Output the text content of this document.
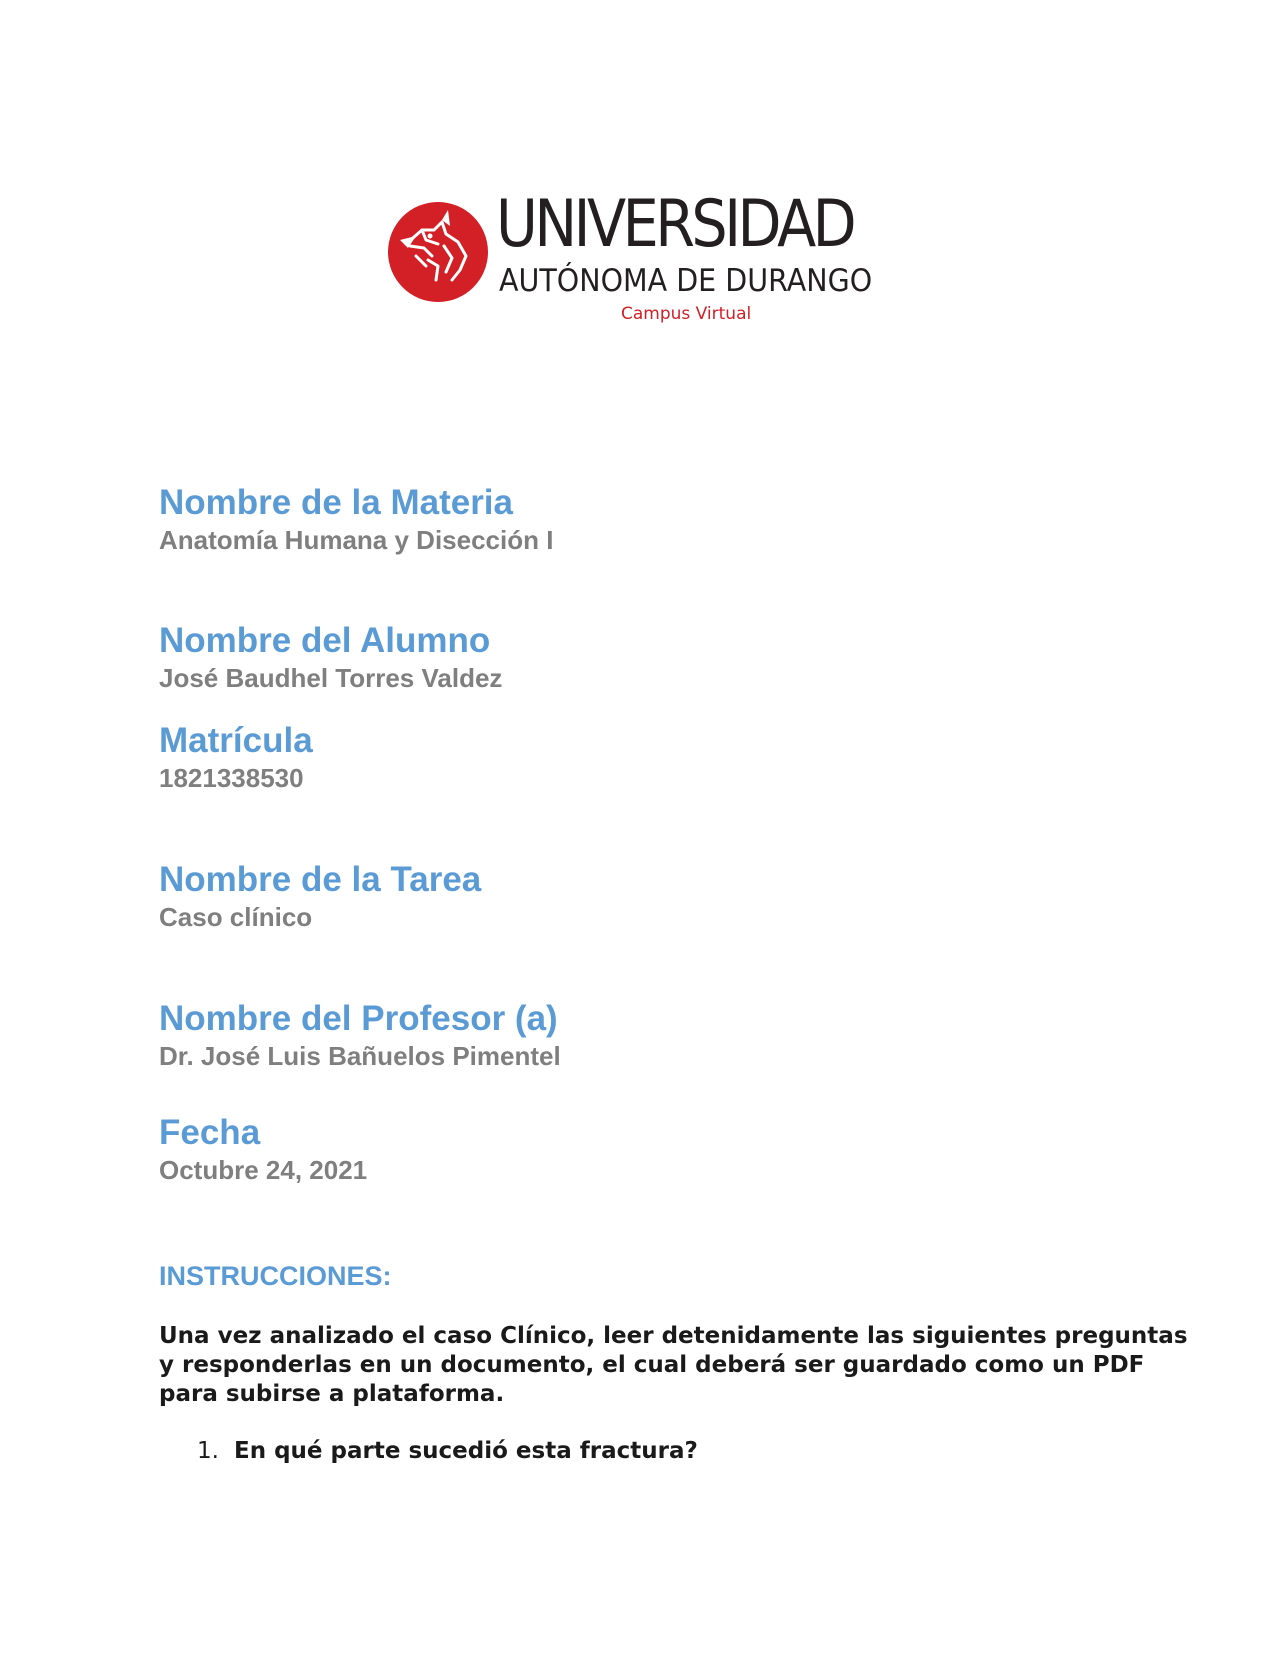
UNIVERSIDAD
AUTÓNOMA DE DURANGO
Campus Virtual
Nombre de la Materia
Anatomía Humana y Disección I
Nombre del Alumno
José Baudhel Torres Valdez
Matrícula
1821338530
Nombre de la Tarea
Caso clínico
Nombre del Profesor (a)
Dr. José Luis Bañuelos Pimentel
Fecha
Octubre 24, 2021
INSTRUCCIONES:
Una vez analizado el caso Clínico, leer detenidamente las siguientes preguntas y responderlas en un documento, el cual deberá ser guardado como un PDF para subirse a plataforma.
1. En qué parte sucedió esta fractura?
